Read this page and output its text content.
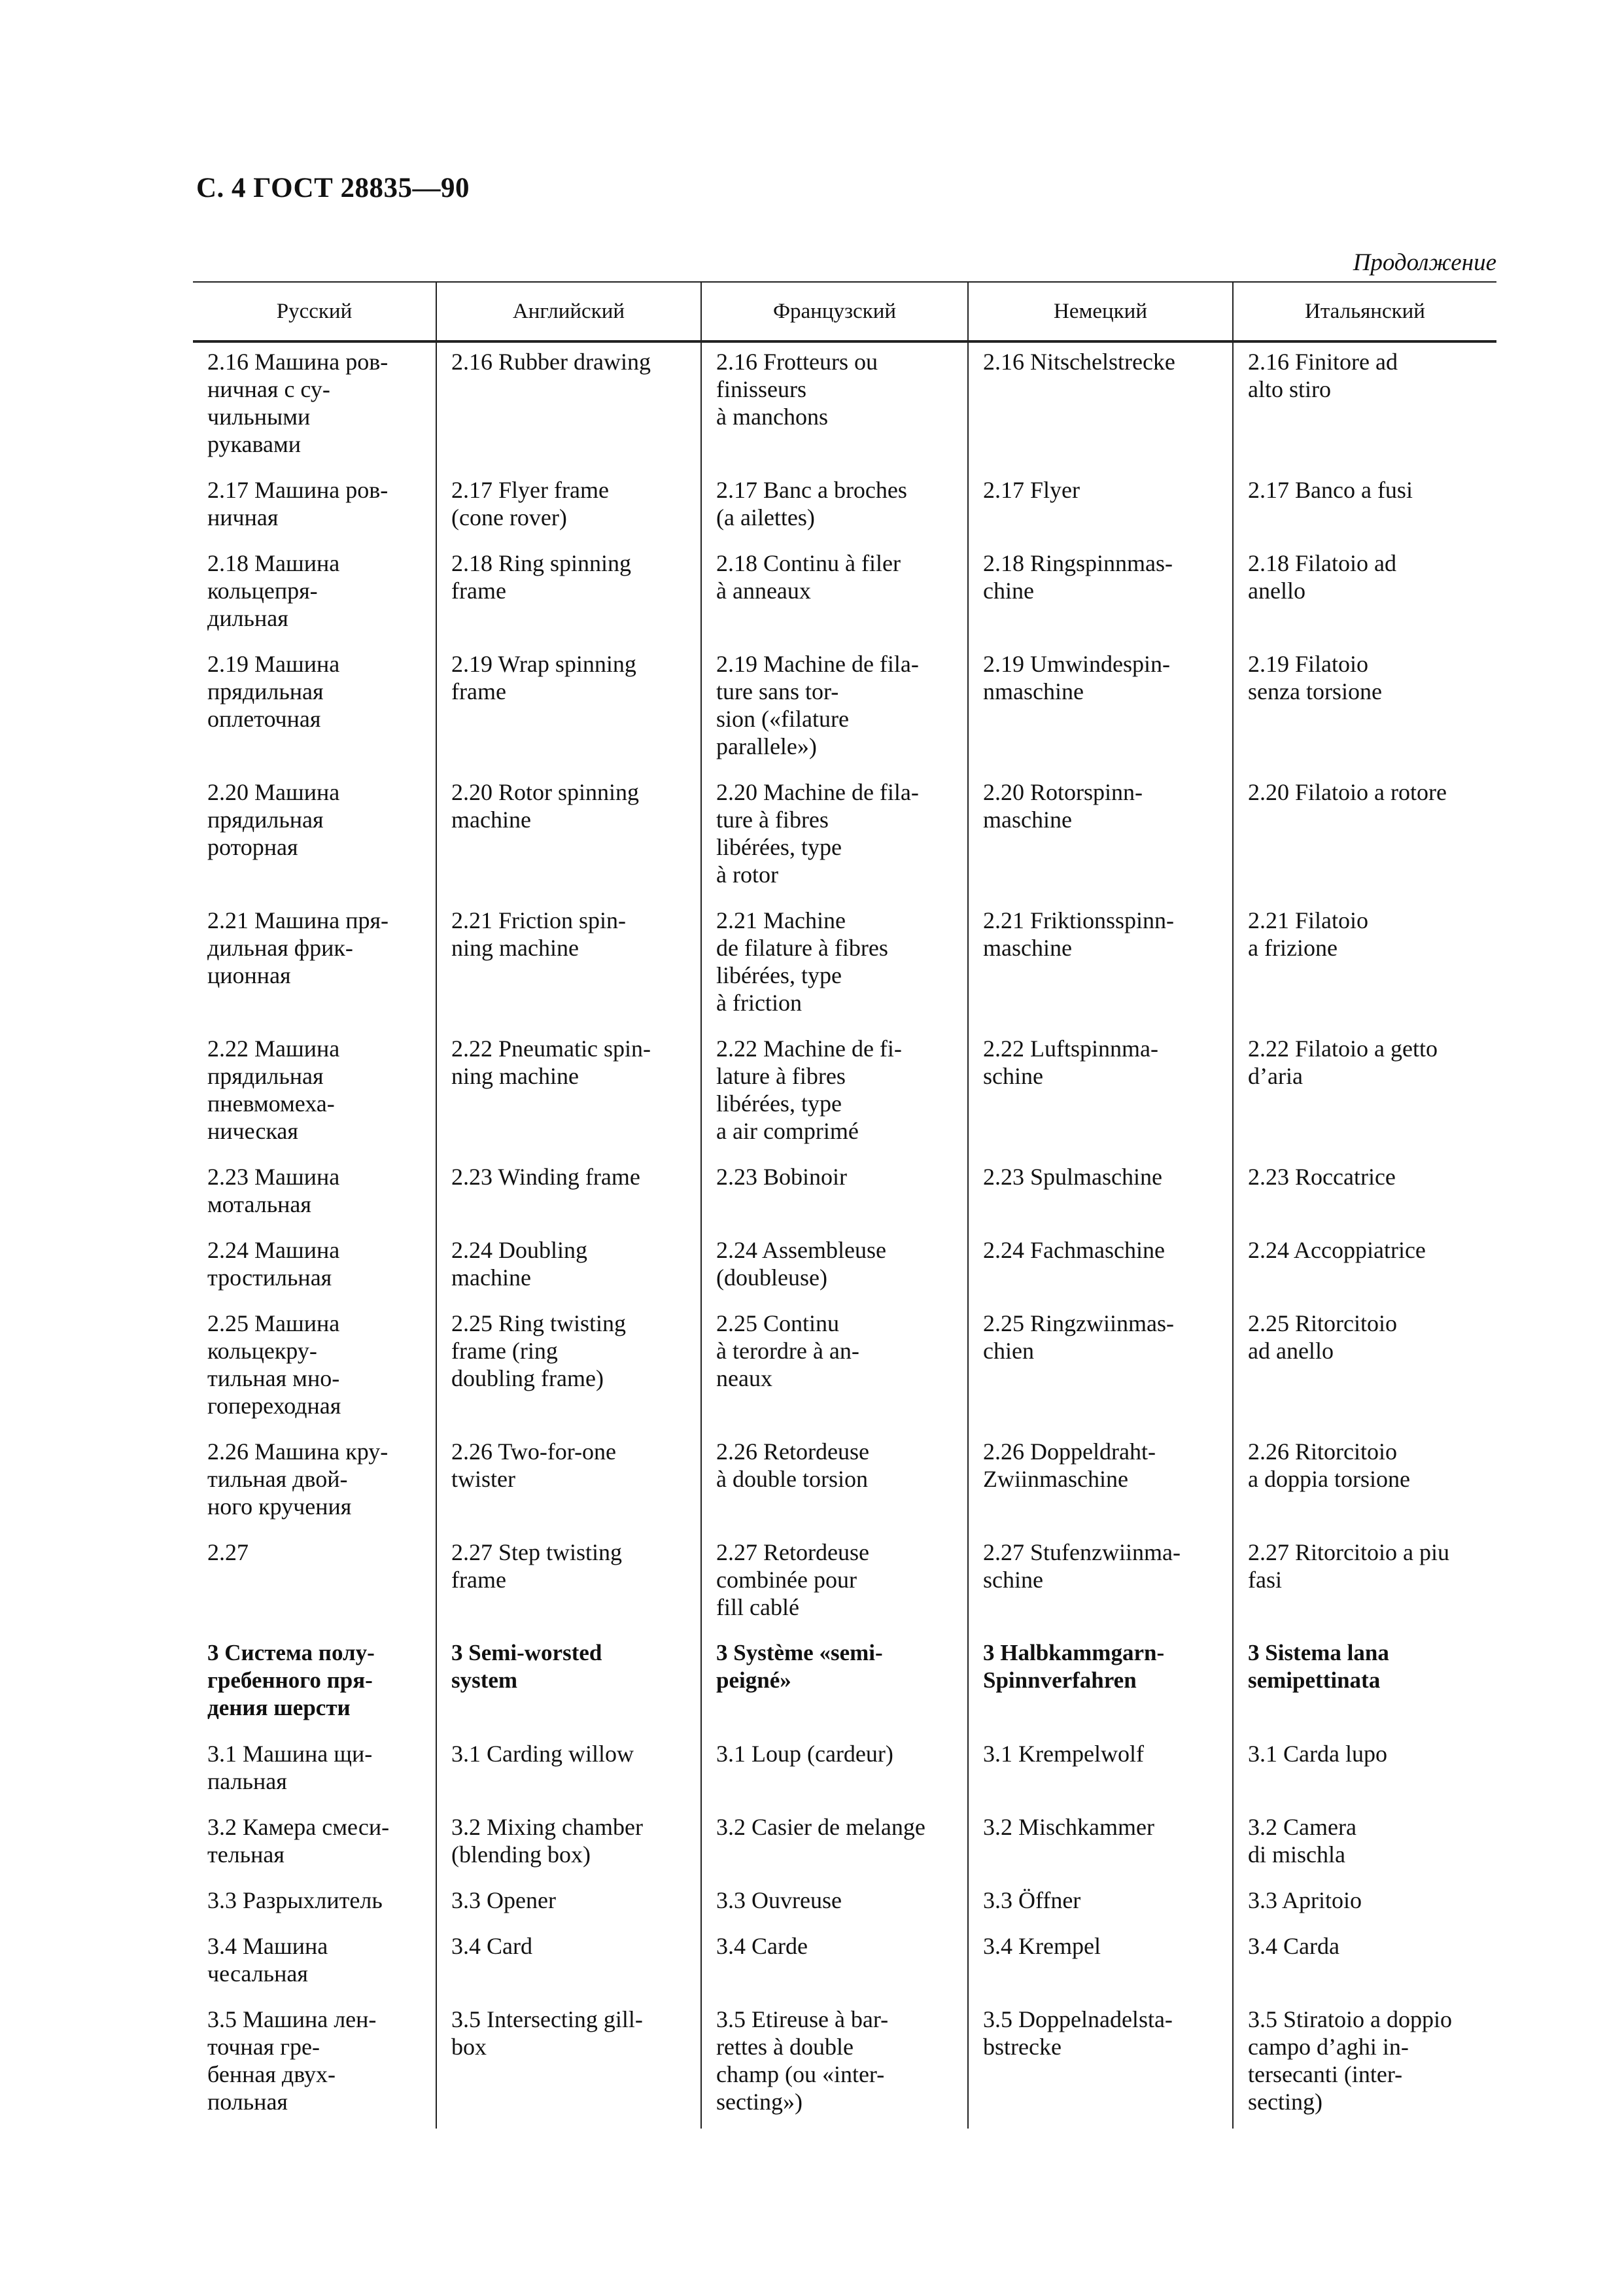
С. 4 ГОСТ 28835—90
Продолжение
Русский	Английский	Французский	Немецкий	Итальянский
2.16 Машина ров-
ничная с су-
чильными
рукавами	2.16 Rubber drawing	2.16 Frotteurs ou
finisseurs
à manchons	2.16 Nitschelstrecke	2.16 Finitore ad
alto stiro
2.17 Машина ров-
ничная	2.17 Flyer frame
(cone rover)	2.17 Banc a broches
(a ailettes)	2.17 Flyer	2.17 Banco a fusi
2.18 Машина
кольцепря-
дильная	2.18 Ring spinning
frame	2.18 Continu à filer
à anneaux	2.18 Ringspinnmas-
chine	2.18 Filatoio ad
anello
2.19 Машина
прядильная
оплеточная	2.19 Wrap spinning
frame	2.19 Machine de fila-
ture sans tor-
sion («filature
parallele»)	2.19 Umwindespin-
nmaschine	2.19 Filatoio
senza torsione
2.20 Машина
прядильная
роторная	2.20 Rotor spinning
machine	2.20 Machine de fila-
ture à fibres
libérées, type
à rotor	2.20 Rotorspinn-
maschine	2.20 Filatoio a rotore
2.21 Машина пря-
дильная фрик-
ционная	2.21 Friction spin-
ning machine	2.21 Machine
de filature à fibres
libérées, type
à friction	2.21 Friktionsspinn-
maschine	2.21 Filatoio
a frizione
2.22 Машина
прядильная
пневмомеха-
ническая	2.22 Pneumatic spin-
ning machine	2.22 Machine de fi-
lature à fibres
libérées, type
a air comprimé	2.22 Luftspinnma-
schine	2.22 Filatoio a getto
d’aria
2.23 Машина
мотальная	2.23 Winding frame	2.23 Bobinoir	2.23 Spulmaschine	2.23 Roccatrice
2.24 Машина
тростильная	2.24 Doubling
machine	2.24 Assembleuse
(doubleuse)	2.24 Fachmaschine	2.24 Accoppiatrice
2.25 Машина
кольцекру-
тильная мно-
гопереходная	2.25 Ring twisting
frame (ring
doubling frame)	2.25 Continu
à terordre à an-
neaux	2.25 Ringzwiinmas-
chien	2.25 Ritorcitoio
ad anello
2.26 Машина кру-
тильная двой-
ного кручения	2.26 Two-for-one
twister	2.26 Retordeuse
à double torsion	2.26 Doppeldraht-
Zwiinmaschine	2.26 Ritorcitoio
a doppia torsione
2.27	2.27 Step twisting
frame	2.27 Retordeuse
combinée pour
fill cablé	2.27 Stufenzwiinma-
schine	2.27 Ritorcitoio a piu
fasi
3 Система полу-
гребенного пря-
дения шерсти	3 Semi-worsted
system	3 Système «semi-
peigné»	3 Halbkammgarn-
Spinnverfahren	3 Sistema lana
semipettinata
3.1 Машина щи-
пальная	3.1 Carding willow	3.1 Loup (cardeur)	3.1 Krempelwolf	3.1 Carda lupo
3.2 Камера смеси-
тельная	3.2 Mixing chamber
(blending box)	3.2 Casier de melange	3.2 Mischkammer	3.2 Camera
di mischla
3.3 Разрыхлитель	3.3 Opener	3.3 Ouvreuse	3.3 Öffner	3.3 Apritoio
3.4 Машина
чесальная	3.4 Card	3.4 Carde	3.4 Krempel	3.4 Carda
3.5 Машина лен-
точная гре-
бенная двух-
польная	3.5 Intersecting gill-
box	3.5 Etireuse à bar-
rettes à double
champ (ou «inter-
secting»)	3.5 Doppelnadelsta-
bstrecke	3.5 Stiratoio a doppio
campo d’aghi in-
tersecanti (inter-
secting)
